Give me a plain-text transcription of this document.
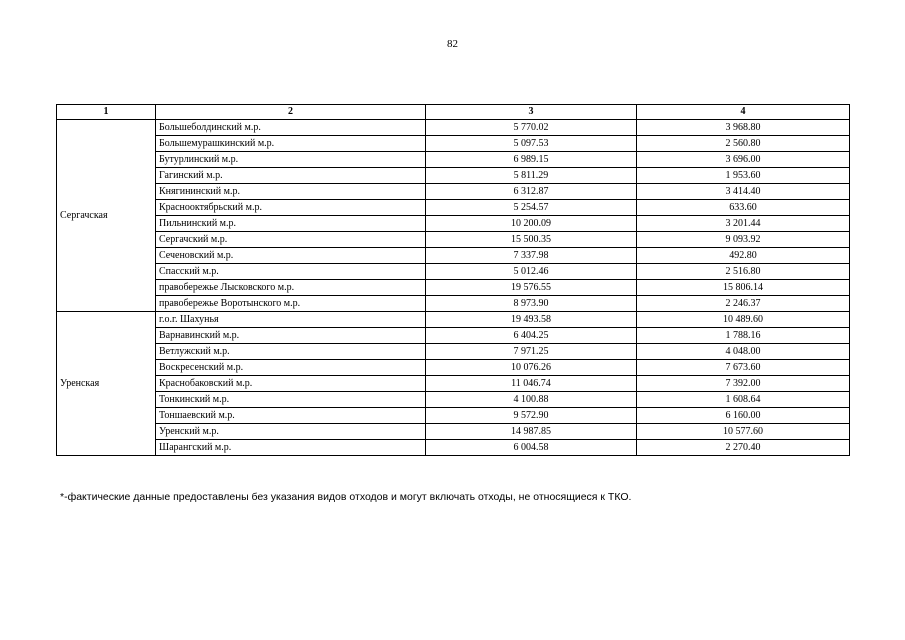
82
1	2	3	4
Сергачская	Большеболдинский м.р.	5 770.02	3 968.80
	Большемурашкинский м.р.	5 097.53	2 560.80
	Бутурлинский м.р.	6 989.15	3 696.00
	Гагинский м.р.	5 811.29	1 953.60
	Княгининский м.р.	6 312.87	3 414.40
	Краснооктябрьский м.р.	5 254.57	633.60
	Пильнинский м.р.	10 200.09	3 201.44
	Сергачский м.р.	15 500.35	9 093.92
	Сеченовский м.р.	7 337.98	492.80
	Спасский м.р.	5 012.46	2 516.80
	правобережье Лысковского м.р.	19 576.55	15 806.14
	правобережье Воротынского м.р.	8 973.90	2 246.37
Уренская	г.о.г. Шахунья	19 493.58	10 489.60
	Варнавинский м.р.	6 404.25	1 788.16
	Ветлужский м.р.	7 971.25	4 048.00
	Воскресенский м.р.	10 076.26	7 673.60
	Краснобаковский м.р.	11 046.74	7 392.00
	Тонкинский м.р.	4 100.88	1 608.64
	Тоншаевский м.р.	9 572.90	6 160.00
	Уренский м.р.	14 987.85	10 577.60
	Шарангский м.р.	6 004.58	2 270.40
*-фактические данные предоставлены без указания видов отходов и могут включать отходы, не относящиеся к ТКО.
